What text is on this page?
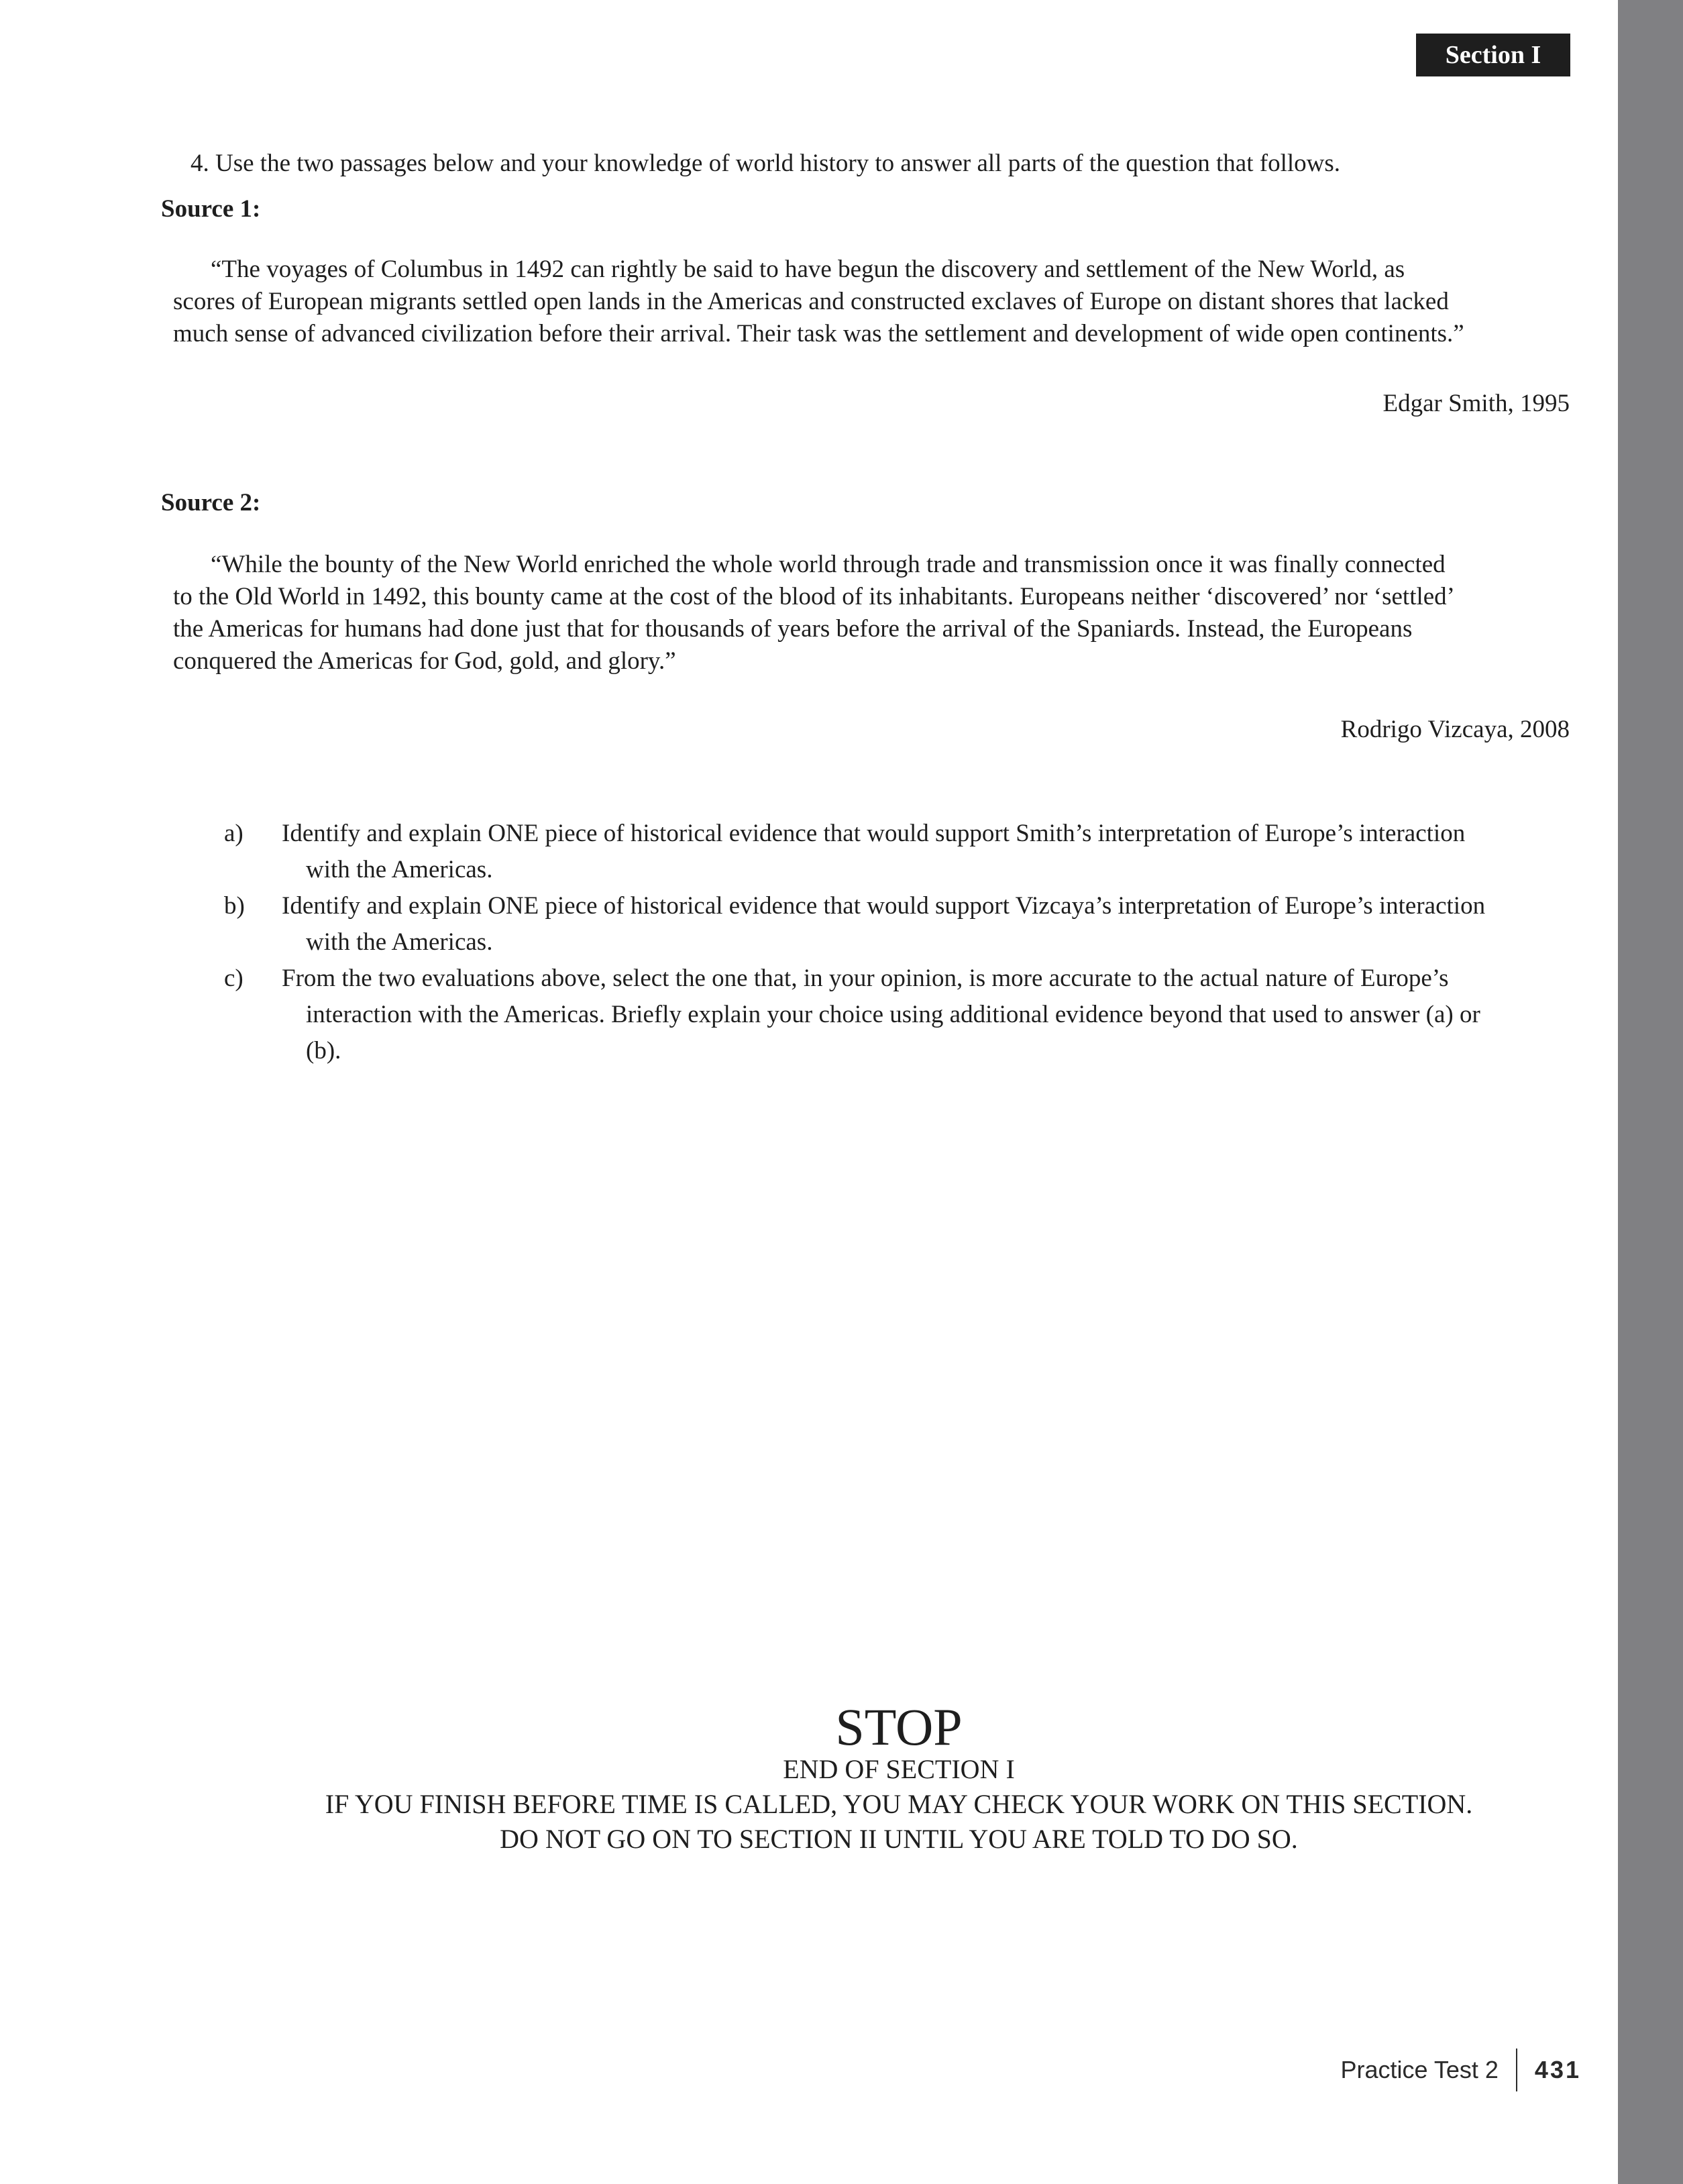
Section I
4. Use the two passages below and your knowledge of world history to answer all parts of the question that follows.
Source 1:
“The voyages of Columbus in 1492 can rightly be said to have begun the discovery and settlement of the New World, as
scores of European migrants settled open lands in the Americas and constructed exclaves of Europe on distant shores that lacked
much sense of advanced civilization before their arrival. Their task was the settlement and development of wide open continents.”
Edgar Smith, 1995
Source 2:
“While the bounty of the New World enriched the whole world through trade and transmission once it was finally connected
to the Old World in 1492, this bounty came at the cost of the blood of its inhabitants. Europeans neither ‘discovered’ nor ‘settled’
the Americas for humans had done just that for thousands of years before the arrival of the Spaniards. Instead, the Europeans
conquered the Americas for God, gold, and glory.”
Rodrigo Vizcaya, 2008
a)	Identify and explain ONE piece of historical evidence that would support Smith’s interpretation of Europe’s interaction
with the Americas.
b)	Identify and explain ONE piece of historical evidence that would support Vizcaya’s interpretation of Europe’s interaction
with the Americas.
c)	From the two evaluations above, select the one that, in your opinion, is more accurate to the actual nature of Europe’s
interaction with the Americas. Briefly explain your choice using additional evidence beyond that used to answer (a) or
(b).
STOP
END OF SECTION I
IF YOU FINISH BEFORE TIME IS CALLED, YOU MAY CHECK YOUR WORK ON THIS SECTION.
DO NOT GO ON TO SECTION II UNTIL YOU ARE TOLD TO DO SO.
Practice Test 2 431
